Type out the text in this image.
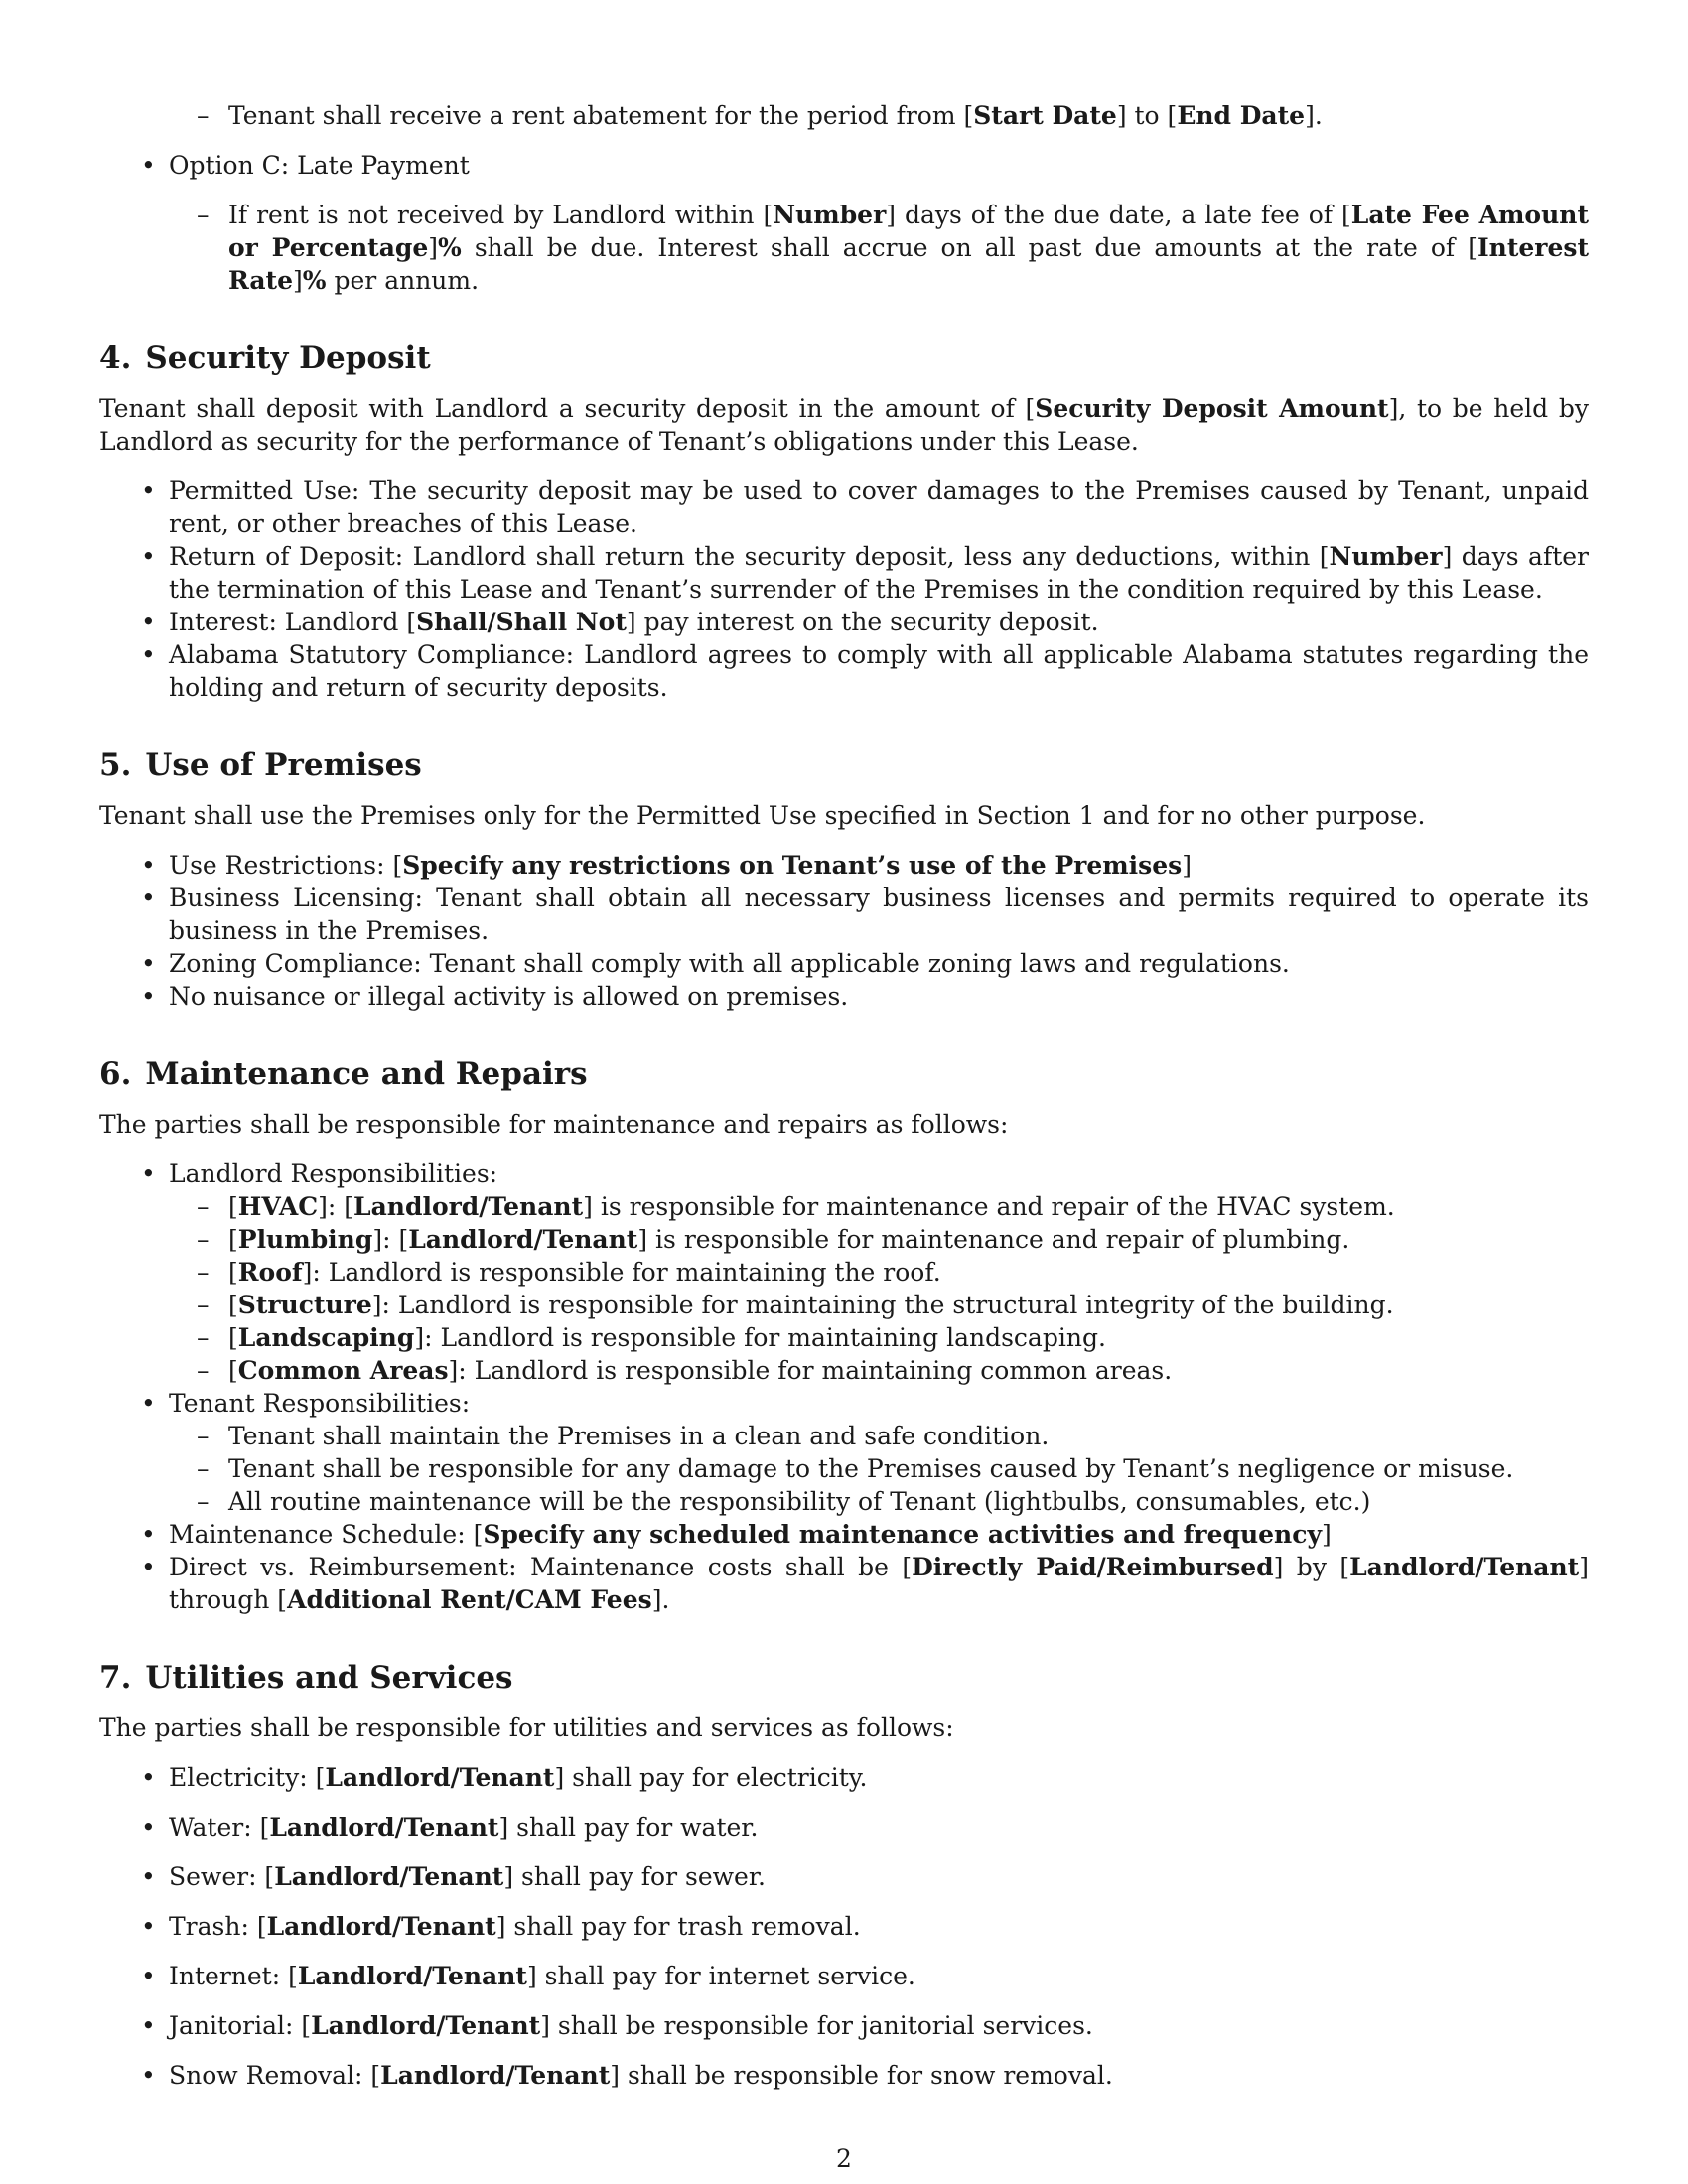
– Tenant shall receive a rent abatement for the period from [Start Date] to [End Date].

• Option C: Late Payment

– If rent is not received by Landlord within [Number] days of the due date, a late fee of [Late Fee Amount or Percentage]% shall be due. Interest shall accrue on all past due amounts at the rate of [Interest Rate]% per annum.

4. Security Deposit

Tenant shall deposit with Landlord a security deposit in the amount of [Security Deposit Amount], to be held by Landlord as security for the performance of Tenant’s obligations under this Lease.

• Permitted Use: The security deposit may be used to cover damages to the Premises caused by Tenant, unpaid rent, or other breaches of this Lease.

• Return of Deposit: Landlord shall return the security deposit, less any deductions, within [Number] days after the termination of this Lease and Tenant’s surrender of the Premises in the condition required by this Lease.

• Interest: Landlord [Shall/Shall Not] pay interest on the security deposit.

• Alabama Statutory Compliance: Landlord agrees to comply with all applicable Alabama statutes regarding the holding and return of security deposits.

5. Use of Premises

Tenant shall use the Premises only for the Permitted Use specified in Section 1 and for no other purpose.

• Use Restrictions: [Specify any restrictions on Tenant’s use of the Premises]

• Business Licensing: Tenant shall obtain all necessary business licenses and permits required to operate its business in the Premises.

• Zoning Compliance: Tenant shall comply with all applicable zoning laws and regulations.

• No nuisance or illegal activity is allowed on premises.

6. Maintenance and Repairs

The parties shall be responsible for maintenance and repairs as follows:

• Landlord Responsibilities:

– [HVAC]: [Landlord/Tenant] is responsible for maintenance and repair of the HVAC system.

– [Plumbing]: [Landlord/Tenant] is responsible for maintenance and repair of plumbing.

– [Roof]: Landlord is responsible for maintaining the roof.

– [Structure]: Landlord is responsible for maintaining the structural integrity of the building.

– [Landscaping]: Landlord is responsible for maintaining landscaping.

– [Common Areas]: Landlord is responsible for maintaining common areas.

• Tenant Responsibilities:

– Tenant shall maintain the Premises in a clean and safe condition.

– Tenant shall be responsible for any damage to the Premises caused by Tenant’s negligence or misuse.

– All routine maintenance will be the responsibility of Tenant (lightbulbs, consumables, etc.)

• Maintenance Schedule: [Specify any scheduled maintenance activities and frequency]

• Direct vs. Reimbursement: Maintenance costs shall be [Directly Paid/Reimbursed] by [Landlord/Tenant] through [Additional Rent/CAM Fees].

7. Utilities and Services

The parties shall be responsible for utilities and services as follows:

• Electricity: [Landlord/Tenant] shall pay for electricity.

• Water: [Landlord/Tenant] shall pay for water.

• Sewer: [Landlord/Tenant] shall pay for sewer.

• Trash: [Landlord/Tenant] shall pay for trash removal.

• Internet: [Landlord/Tenant] shall pay for internet service.

• Janitorial: [Landlord/Tenant] shall be responsible for janitorial services.

• Snow Removal: [Landlord/Tenant] shall be responsible for snow removal.

2
